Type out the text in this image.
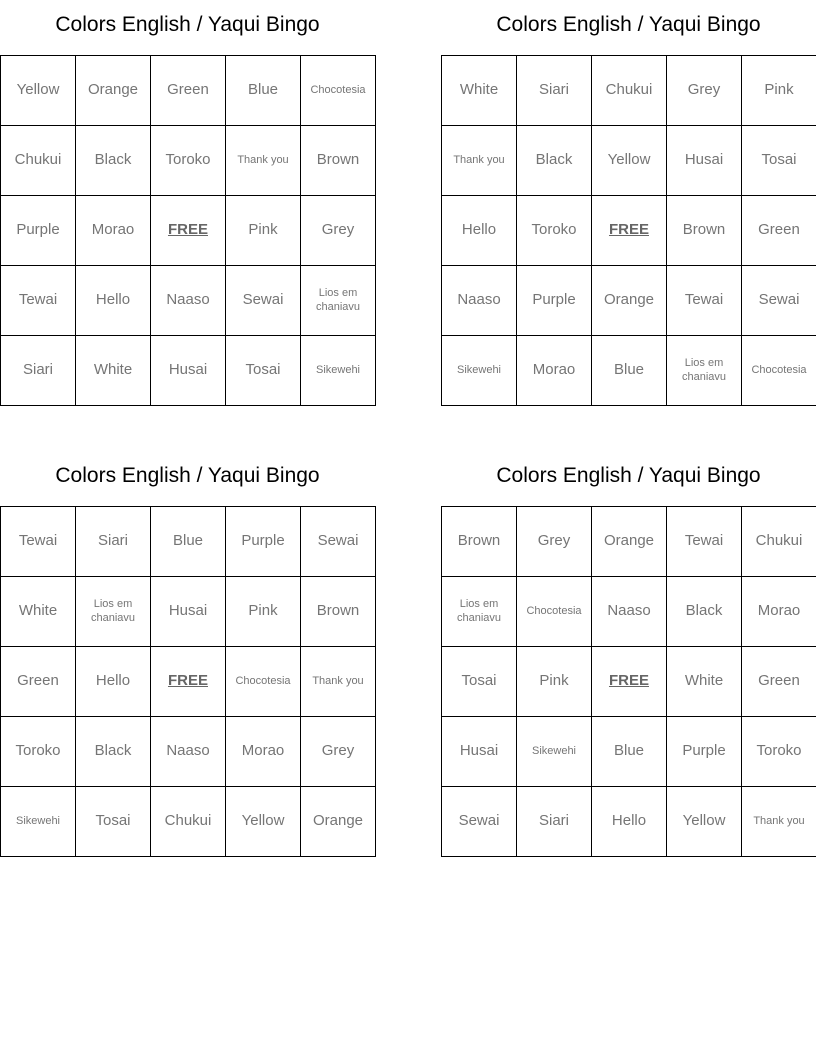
Colors English / Yaqui Bingo
Yellow	Orange	Green	Blue	Chocotesia
Chukui	Black	Toroko	Thank you	Brown
Purple	Morao	FREE	Pink	Grey
Tewai	Hello	Naaso	Sewai	Lios em chaniavu
Siari	White	Husai	Tosai	Sikewehi
Colors English / Yaqui Bingo
White	Siari	Chukui	Grey	Pink
Thank you	Black	Yellow	Husai	Tosai
Hello	Toroko	FREE	Brown	Green
Naaso	Purple	Orange	Tewai	Sewai
Sikewehi	Morao	Blue	Lios em chaniavu	Chocotesia
Colors English / Yaqui Bingo
Tewai	Siari	Blue	Purple	Sewai
White	Lios em chaniavu	Husai	Pink	Brown
Green	Hello	FREE	Chocotesia	Thank you
Toroko	Black	Naaso	Morao	Grey
Sikewehi	Tosai	Chukui	Yellow	Orange
Colors English / Yaqui Bingo
Brown	Grey	Orange	Tewai	Chukui
Lios em chaniavu	Chocotesia	Naaso	Black	Morao
Tosai	Pink	FREE	White	Green
Husai	Sikewehi	Blue	Purple	Toroko
Sewai	Siari	Hello	Yellow	Thank you
